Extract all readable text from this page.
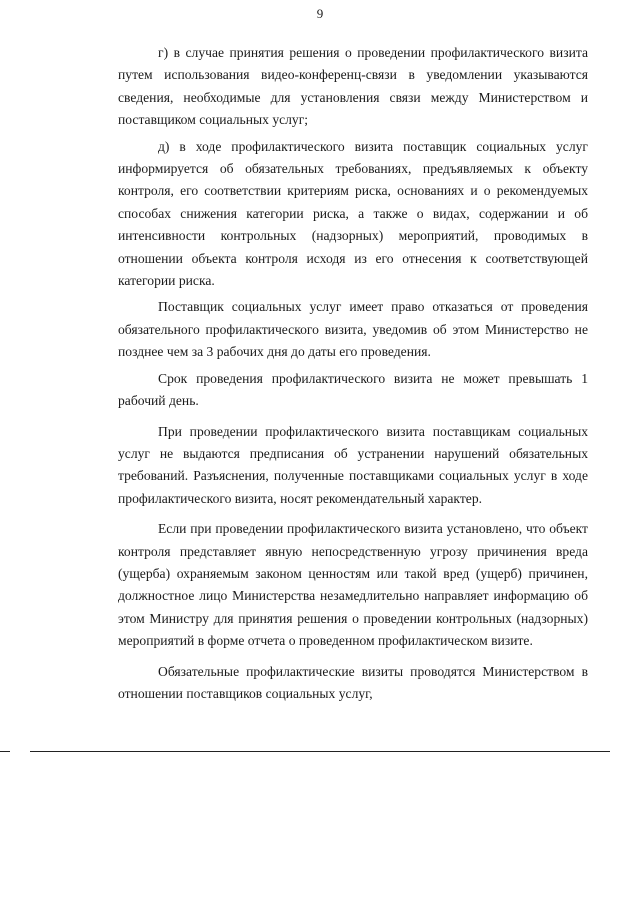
9

г) в случае принятия решения о проведении профилактического визита путем использования видео-конференц-связи в уведомлении указываются сведения, необходимые для установления связи между Министерством и поставщиком социальных услуг;

д) в ходе профилактического визита поставщик социальных услуг информируется об обязательных требованиях, предъявляемых к объекту контроля, его соответствии критериям риска, основаниях и о рекомендуемых способах снижения категории риска, а также о видах, содержании и об интенсивности контрольных (надзорных) мероприятий, проводимых в отношении объекта контроля исходя из его отнесения к соответствующей категории риска.

Поставщик социальных услуг имеет право отказаться от проведения обязательного профилактического визита, уведомив об этом Министерство не позднее чем за 3 рабочих дня до даты его проведения.

Срок проведения профилактического визита не может превышать 1 рабочий день.

При проведении профилактического визита поставщикам социальных услуг не выдаются предписания об устранении нарушений обязательных требований. Разъяснения, полученные поставщиками социальных услуг в ходе профилактического визита, носят рекомендательный характер.

Если при проведении профилактического визита установлено, что объект контроля представляет явную непосредственную угрозу причинения вреда (ущерба) охраняемым законом ценностям или такой вред (ущерб) причинен, должностное лицо Министерства незамедлительно направляет информацию об этом Министру для принятия решения о проведении контрольных (надзорных) мероприятий в форме отчета о проведенном профилактическом визите.

Обязательные профилактические визиты проводятся Министерством в отношении поставщиков социальных услуг,
